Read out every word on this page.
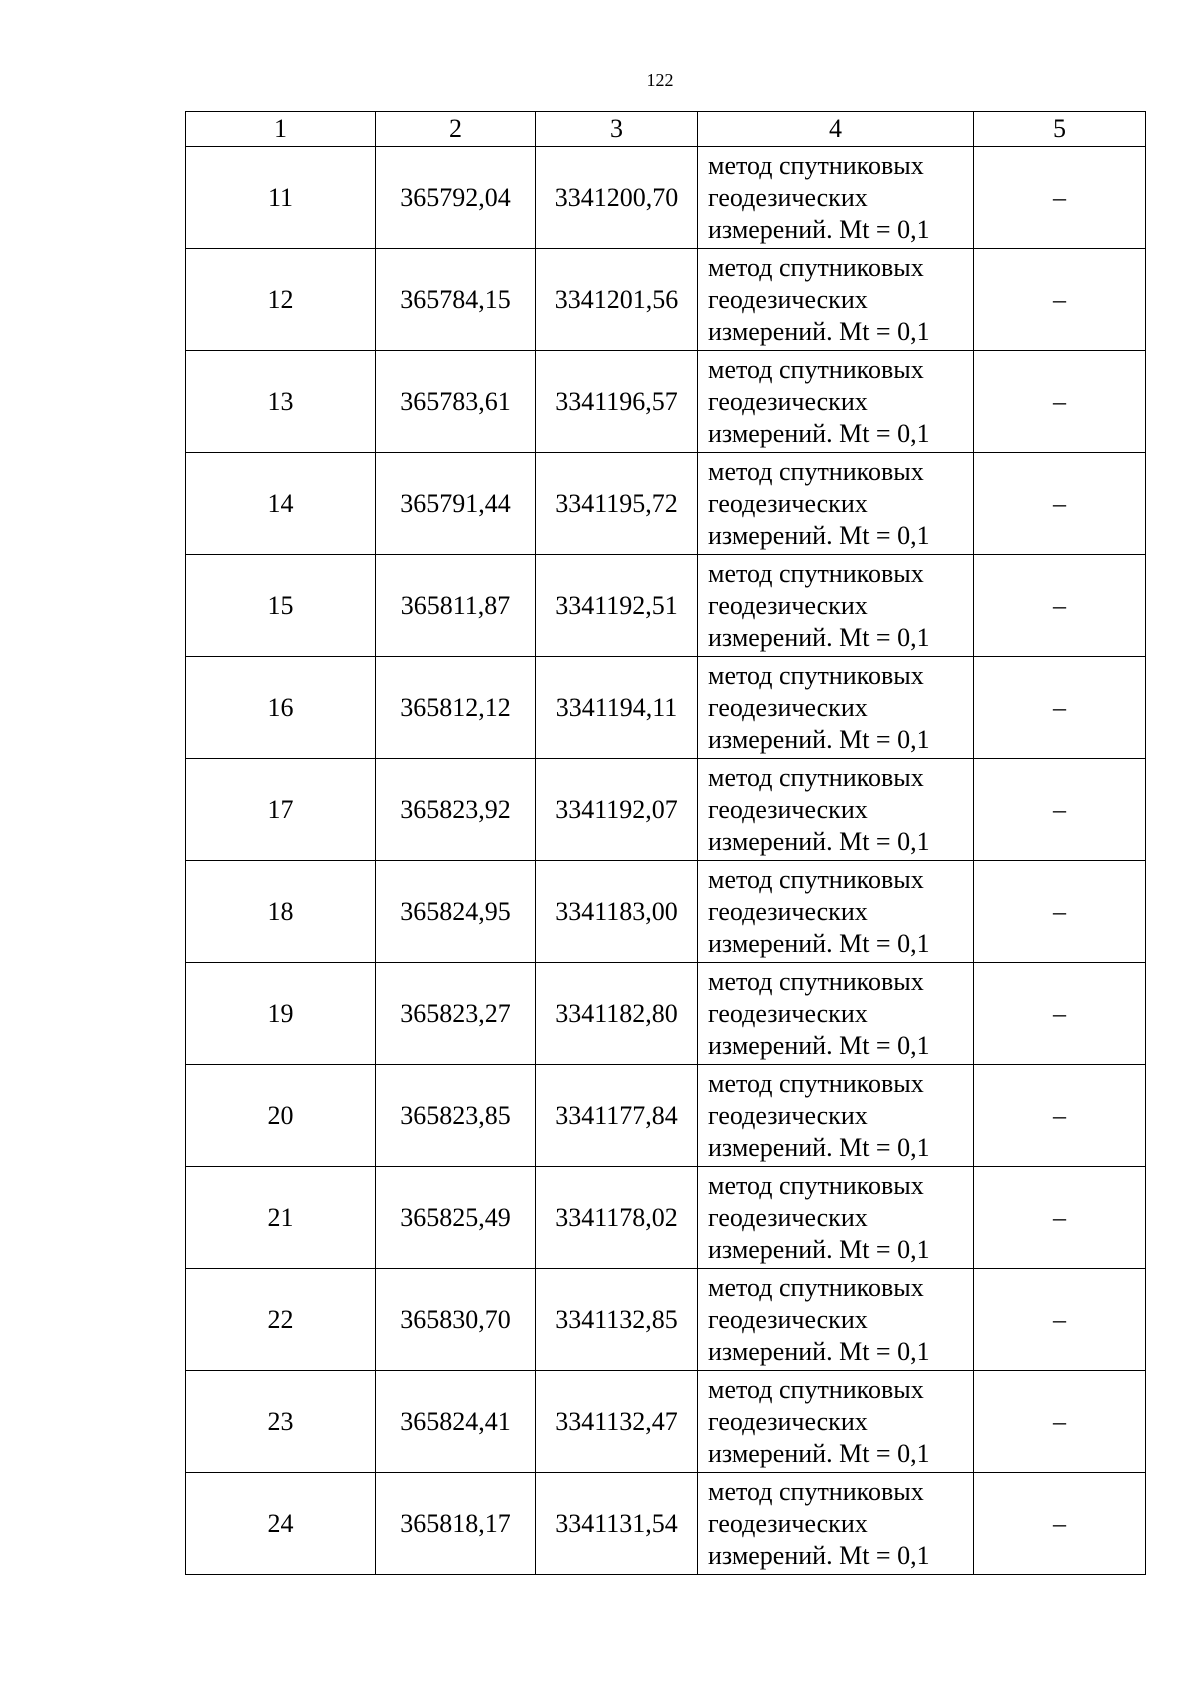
122
1	2	3	4	5
11	365792,04	3341200,70	метод спутниковых
геодезических
измерений. Mt = 0,1	–
12	365784,15	3341201,56	метод спутниковых
геодезических
измерений. Mt = 0,1	–
13	365783,61	3341196,57	метод спутниковых
геодезических
измерений. Mt = 0,1	–
14	365791,44	3341195,72	метод спутниковых
геодезических
измерений. Mt = 0,1	–
15	365811,87	3341192,51	метод спутниковых
геодезических
измерений. Mt = 0,1	–
16	365812,12	3341194,11	метод спутниковых
геодезических
измерений. Mt = 0,1	–
17	365823,92	3341192,07	метод спутниковых
геодезических
измерений. Mt = 0,1	–
18	365824,95	3341183,00	метод спутниковых
геодезических
измерений. Mt = 0,1	–
19	365823,27	3341182,80	метод спутниковых
геодезических
измерений. Mt = 0,1	–
20	365823,85	3341177,84	метод спутниковых
геодезических
измерений. Mt = 0,1	–
21	365825,49	3341178,02	метод спутниковых
геодезических
измерений. Mt = 0,1	–
22	365830,70	3341132,85	метод спутниковых
геодезических
измерений. Mt = 0,1	–
23	365824,41	3341132,47	метод спутниковых
геодезических
измерений. Mt = 0,1	–
24	365818,17	3341131,54	метод спутниковых
геодезических
измерений. Mt = 0,1	–
